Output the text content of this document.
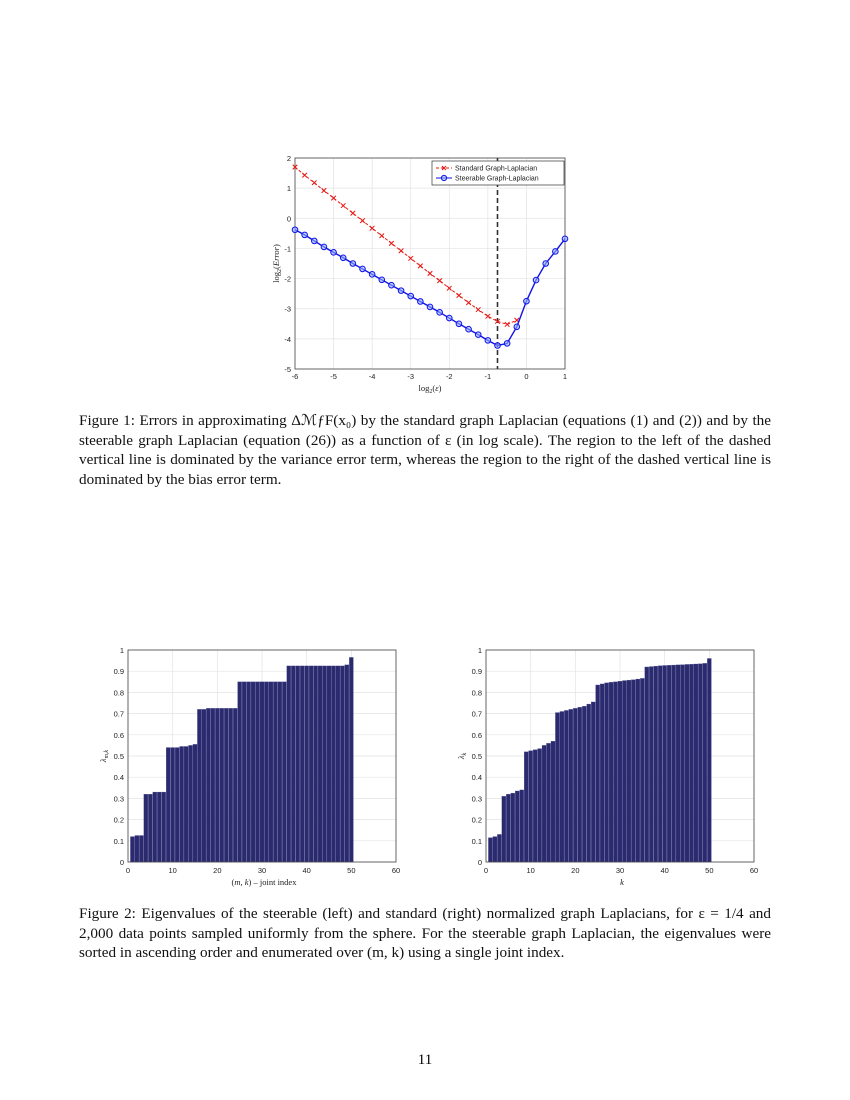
-6	-5	-4	-3	-2	-1	0	1
-5
-4
-3
-2
-1
0
1
2
Standard Graph-Laplacian
Steerable Graph-Laplacian
$\log_2(\varepsilon)$
$\log_2(Error)$
Figure 1: Errors in approximating ΔℳƒF(x₀) by the standard graph Laplacian (equations (1) and (2)) and by the steerable graph Laplacian (equation (26)) as a function of ε (in log scale). The region to the left of the dashed vertical line is dominated by the variance error term, whereas the region to the right of the dashed vertical line is dominated by the bias error term.
0	10	20	30	40	50	60
0
0.1
0.2
0.3
0.4
0.5
0.6
0.7
0.8
0.9
1
(m, k) – joint index
$\lambda_{m,k}$
0	10	20	30	40	50	60
0
0.1
0.2
0.3
0.4
0.5
0.6
0.7
0.8
0.9
1
k
$\lambda_k$
Figure 2: Eigenvalues of the steerable (left) and standard (right) normalized graph Laplacians, for ε = 1/4 and 2,000 data points sampled uniformly from the sphere. For the steerable graph Laplacian, the eigenvalues were sorted in ascending order and enumerated over (m, k) using a single joint index.
11
